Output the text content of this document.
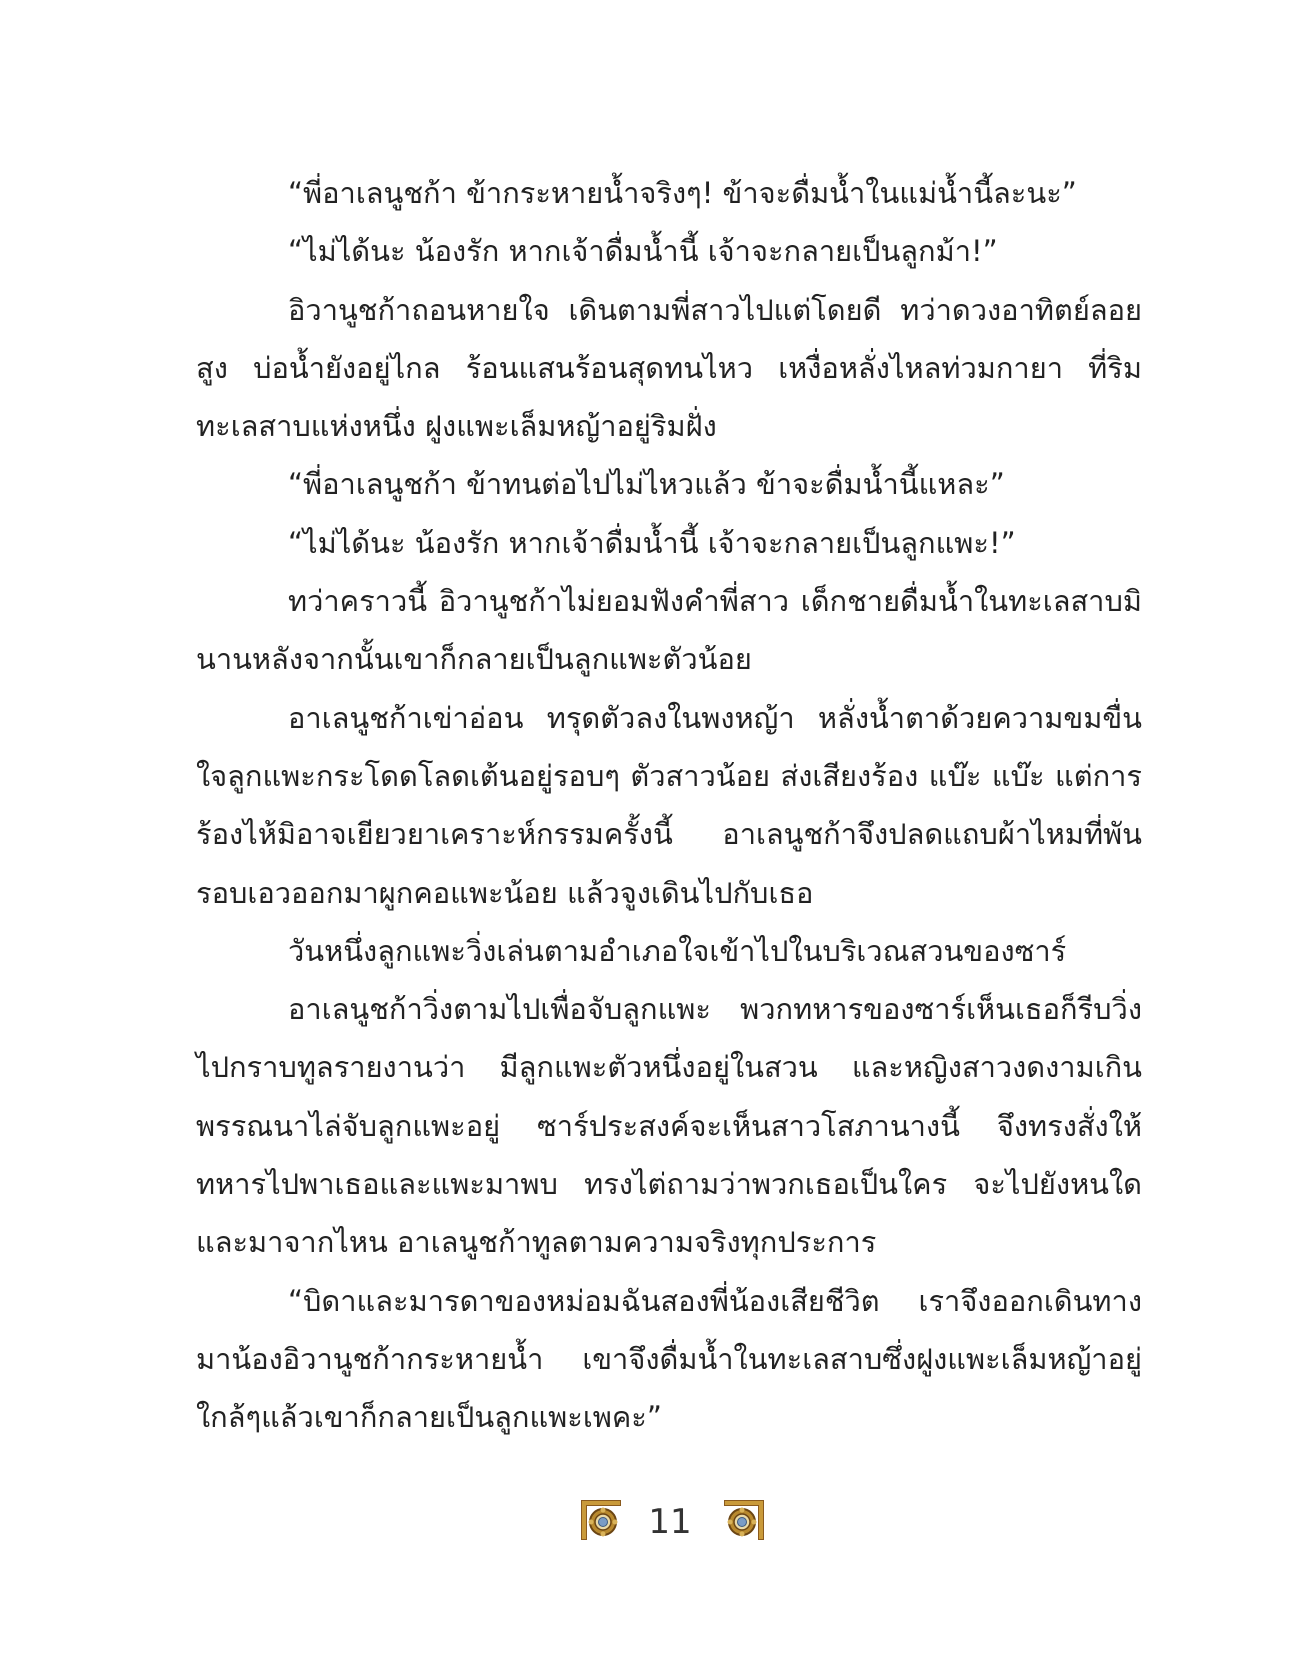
“พี่อาเลนูชก้า ข้ากระหายน้ำจริงๆ! ข้าจะดื่มน้ำในแม่น้ำนี้ละนะ”

“ไม่ได้นะ น้องรัก หากเจ้าดื่มน้ำนี้ เจ้าจะกลายเป็นลูกม้า!”

อิวานูชก้าถอนหายใจ เดินตามพี่สาวไปแต่โดยดี ทว่าดวงอาทิตย์ลอยสูง บ่อน้ำยังอยู่ไกล ร้อนแสนร้อนสุดทนไหว เหงื่อหลั่งไหลท่วมกายา ที่ริมทะเลสาบแห่งหนึ่ง ฝูงแพะเล็มหญ้าอยู่ริมฝั่ง

“พี่อาเลนูชก้า ข้าทนต่อไปไม่ไหวแล้ว ข้าจะดื่มน้ำนี้แหละ”

“ไม่ได้นะ น้องรัก หากเจ้าดื่มน้ำนี้ เจ้าจะกลายเป็นลูกแพะ!”

ทว่าคราวนี้ อิวานูชก้าไม่ยอมฟังคำพี่สาว เด็กชายดื่มน้ำในทะเลสาบมินานหลังจากนั้นเขาก็กลายเป็นลูกแพะตัวน้อย

อาเลนูชก้าเข่าอ่อน ทรุดตัวลงในพงหญ้า หลั่งน้ำตาด้วยความขมขื่นใจลูกแพะกระโดดโลดเต้นอยู่รอบๆ ตัวสาวน้อย ส่งเสียงร้อง แบ๊ะ แบ๊ะ แต่การร้องไห้มิอาจเยียวยาเคราะห์กรรมครั้งนี้ อาเลนูชก้าจึงปลดแถบผ้าไหมที่พันรอบเอวออกมาผูกคอแพะน้อย แล้วจูงเดินไปกับเธอ

วันหนึ่งลูกแพะวิ่งเล่นตามอำเภอใจเข้าไปในบริเวณสวนของซาร์

อาเลนูชก้าวิ่งตามไปเพื่อจับลูกแพะ พวกทหารของซาร์เห็นเธอก็รีบวิ่งไปกราบทูลรายงานว่า มีลูกแพะตัวหนึ่งอยู่ในสวน และหญิงสาวงดงามเกินพรรณนาไล่จับลูกแพะอยู่ ซาร์ประสงค์จะเห็นสาวโสภานางนี้ จึงทรงสั่งให้ทหารไปพาเธอและแพะมาพบ ทรงไต่ถามว่าพวกเธอเป็นใคร จะไปยังหนใดและมาจากไหน อาเลนูชก้าทูลตามความจริงทุกประการ

“บิดาและมารดาของหม่อมฉันสองพี่น้องเสียชีวิต เราจึงออกเดินทางมาน้องอิวานูชก้ากระหายน้ำ เขาจึงดื่มน้ำในทะเลสาบซึ่งฝูงแพะเล็มหญ้าอยู่ใกล้ๆแล้วเขาก็กลายเป็นลูกแพะเพคะ”

11
